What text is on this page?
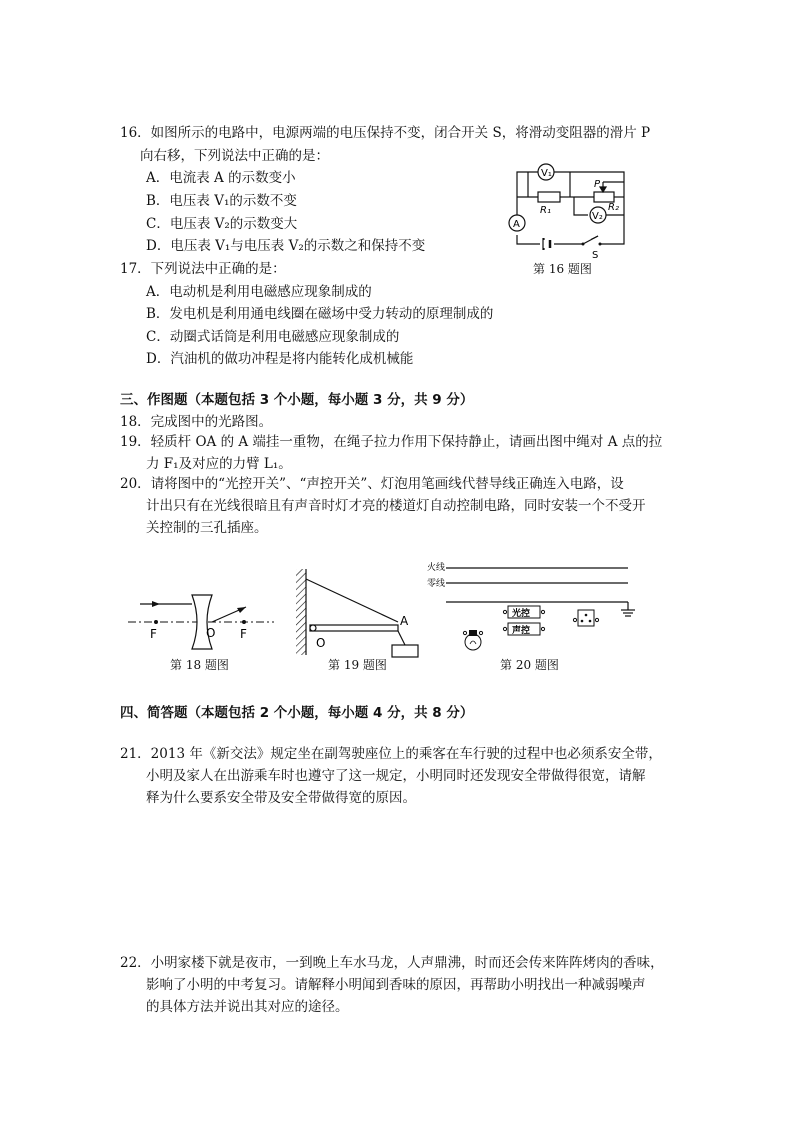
16．如图所示的电路中，电源两端的电压保持不变，闭合开关 S，将滑动变阻器的滑片 P
向右移，下列说法中正确的是：
A．电流表 A 的示数变小
B．电压表 V₁的示数不变
C．电压表 V₂的示数变大
D．电压表 V₁与电压表 V₂的示数之和保持不变
V₁
V₂
R₁	R₂
P
A
S
第 16 题图
17．下列说法中正确的是：
A．电动机是利用电磁感应现象制成的
B．发电机是利用通电线圈在磁场中受力转动的原理制成的
C．动圈式话筒是利用电磁感应现象制成的
D．汽油机的做功冲程是将内能转化成机械能
三、作图题（本题包括 3 个小题，每小题 3 分，共 9 分）
18．完成图中的光路图。
19．轻质杆 OA 的 A 端挂一重物，在绳子拉力作用下保持静止，请画出图中绳对 A 点的拉
力 F₁及对应的力臂 L₁。
20．请将图中的“光控开关”、“声控开关”、灯泡用笔画线代替导线正确连入电路，设
计出只有在光线很暗且有声音时灯才亮的楼道灯自动控制电路，同时安装一个不受开
关控制的三孔插座。
F	O F
第 18 题图
O
A
第 19 题图
火线
零线
光控
声控
第 20 题图
四、简答题（本题包括 2 个小题，每小题 4 分，共 8 分）
21．2013 年《新交法》规定坐在副驾驶座位上的乘客在车行驶的过程中也必须系安全带，
小明及家人在出游乘车时也遵守了这一规定，小明同时还发现安全带做得很宽，请解
释为什么要系安全带及安全带做得宽的原因。
22．小明家楼下就是夜市，一到晚上车水马龙，人声鼎沸，时而还会传来阵阵烤肉的香味，
影响了小明的中考复习。请解释小明闻到香味的原因，再帮助小明找出一种减弱噪声
的具体方法并说出其对应的途径。
